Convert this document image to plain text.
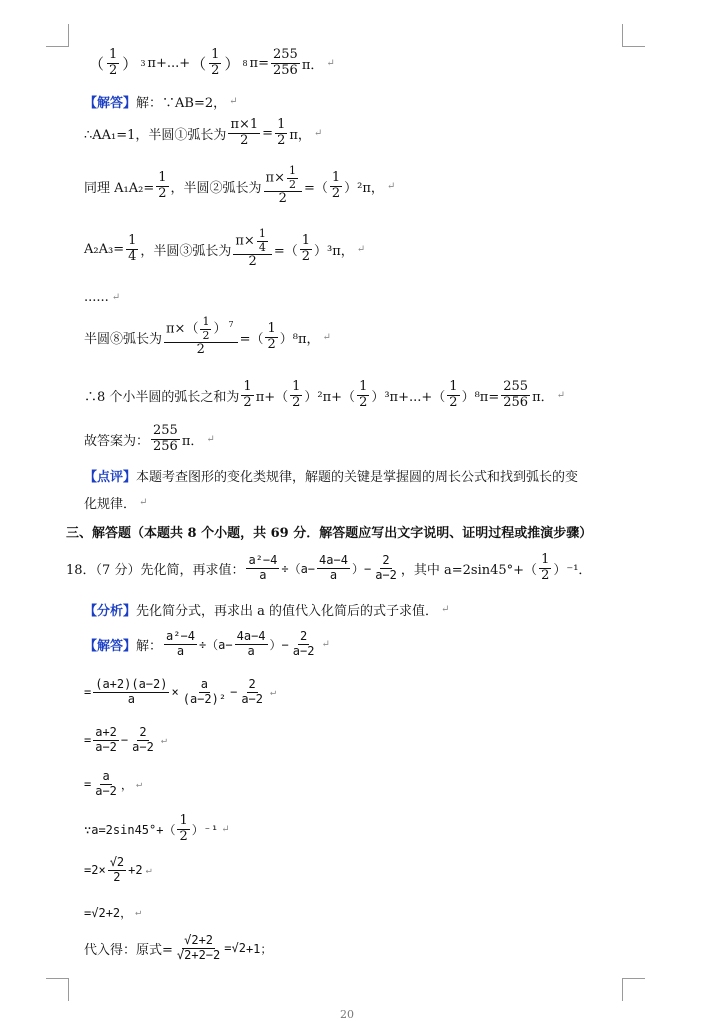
（ $\frac{1}{2}$ ） 3 π+...+ （ $\frac{1}{2}$ ） 8 $\pi= \frac{255}{256}$ π． ↵
【解答】 解：∵AB=2， ↵
∴AA₁=1，半圆①弧长为 $\frac{\pi\times 1}{2} = \frac{1}{2}$ π， ↵
同理 $A_1A_2= \frac{1}{2}$ ，半圆②弧长为 $\frac{\pi\times \frac{1}{2}}{2}$ =（ $\frac{1}{2} )^2\pi$， ↵
$A_2A_3= \frac{1}{4}$ ，半圆③弧长为 $\frac{\pi\times \frac{1}{4}}{2}$ =（ $\frac{1}{2} )^3\pi$， ↵
...... ↵
半圆⑧弧长为 $\frac{\pi\times( \frac{1}{2} ) ^7}{2}$ =（ $\frac{1}{2} )^8\pi$， ↵
∴8 个小半圆的弧长之和为 $\frac{1}{2} \pi+( \frac{1}{2} )^2\pi+( \frac{1}{2} )^3\pi+...+( \frac{1}{2} )^8\pi= \frac{255}{256}$ π． ↵
故答案为： $\frac{255}{256}$ π． ↵
【点评】 本题考查图形的变化类规律，解题的关键是掌握圆的周长公式和找到弧长的变
化规律． ↵
三、解答题（本题共 8 个小题，共 69 分．解答题应写出文字说明、证明过程或推演步骤）
18．（7 分）先化简，再求值： $\frac{\text{a²−4}}{a} \div(a- \frac{4a-4}{a}$ ）− $\frac{2}{a-2}$ ，其中 $a=2\sin 45^\circ+( \frac{1}{2} )^{-1}$．
【分析】 先化简分式，再求出 a 的值代入化简后的式子求值． ↵
【解答】 解： $\frac{\text{a²−4}}{a} \div(a- \frac{4a-4}{a}$ ）− $\frac{2}{a-2}$ ↵
= $\frac{(a+2)(a-2)}{a} \times \frac{a}{\text{(a−2)²}} - \frac{2}{a-2}$ ↵
= $\frac{a+2}{a-2} - \frac{2}{a-2}$ ↵
= $\frac{a}{a-2}$ ， ↵
∵a=2sin45°+（ $\frac{1}{2} )^{-1}$ ↵
$=2\times \frac{√2}{2} +2$ ↵
= √2 +2， ↵
代入得：原式= $\frac{√2+2}{√2+2-2} = √2 +1$；
20
